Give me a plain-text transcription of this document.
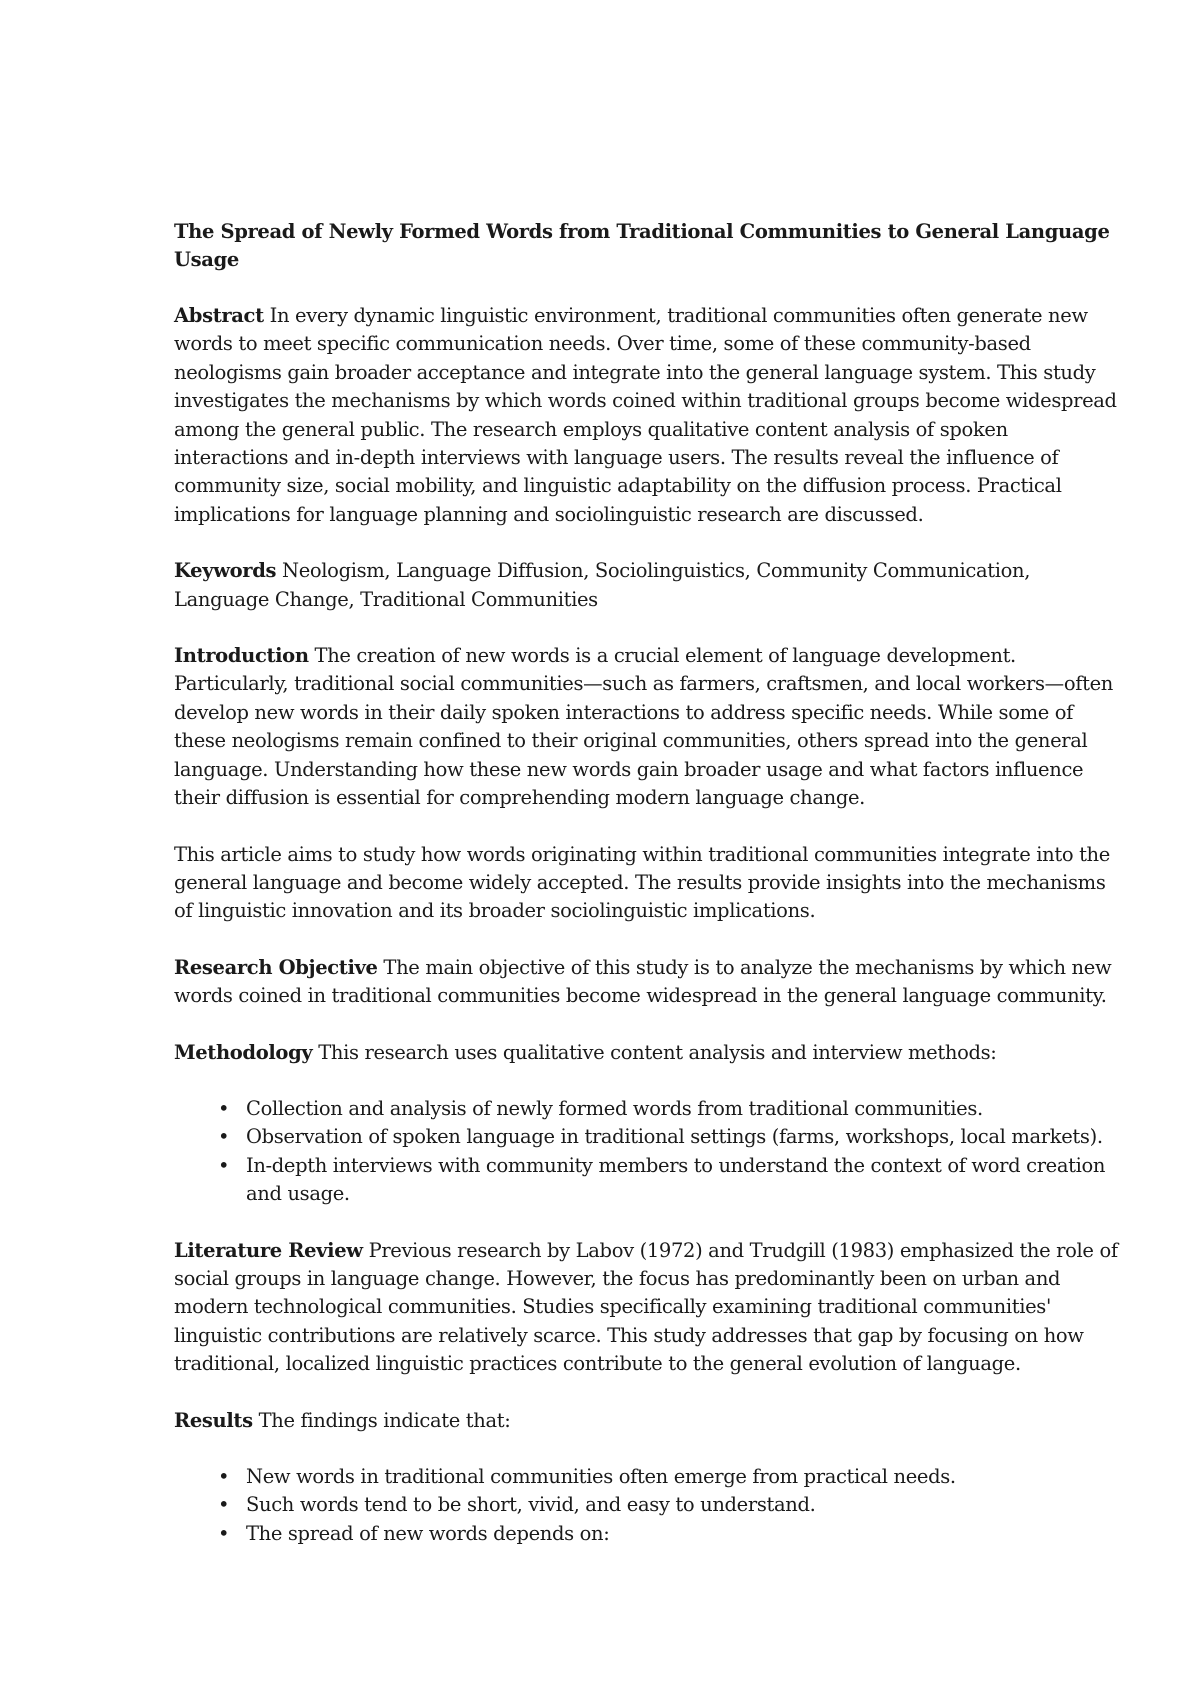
The Spread of Newly Formed Words from Traditional Communities to General Language Usage
Abstract In every dynamic linguistic environment, traditional communities often generate new words to meet specific communication needs. Over time, some of these community-based neologisms gain broader acceptance and integrate into the general language system. This study investigates the mechanisms by which words coined within traditional groups become widespread among the general public. The research employs qualitative content analysis of spoken interactions and in-depth interviews with language users. The results reveal the influence of community size, social mobility, and linguistic adaptability on the diffusion process. Practical implications for language planning and sociolinguistic research are discussed.
Keywords Neologism, Language Diffusion, Sociolinguistics, Community Communication, Language Change, Traditional Communities
Introduction The creation of new words is a crucial element of language development. Particularly, traditional social communities—such as farmers, craftsmen, and local workers—often develop new words in their daily spoken interactions to address specific needs. While some of these neologisms remain confined to their original communities, others spread into the general language. Understanding how these new words gain broader usage and what factors influence their diffusion is essential for comprehending modern language change.
This article aims to study how words originating within traditional communities integrate into the general language and become widely accepted. The results provide insights into the mechanisms of linguistic innovation and its broader sociolinguistic implications.
Research Objective The main objective of this study is to analyze the mechanisms by which new words coined in traditional communities become widespread in the general language community.
Methodology This research uses qualitative content analysis and interview methods:
• Collection and analysis of newly formed words from traditional communities.
• Observation of spoken language in traditional settings (farms, workshops, local markets).
• In-depth interviews with community members to understand the context of word creation and usage.
Literature Review Previous research by Labov (1972) and Trudgill (1983) emphasized the role of social groups in language change. However, the focus has predominantly been on urban and modern technological communities. Studies specifically examining traditional communities' linguistic contributions are relatively scarce. This study addresses that gap by focusing on how traditional, localized linguistic practices contribute to the general evolution of language.
Results The findings indicate that:
• New words in traditional communities often emerge from practical needs.
• Such words tend to be short, vivid, and easy to understand.
• The spread of new words depends on:
